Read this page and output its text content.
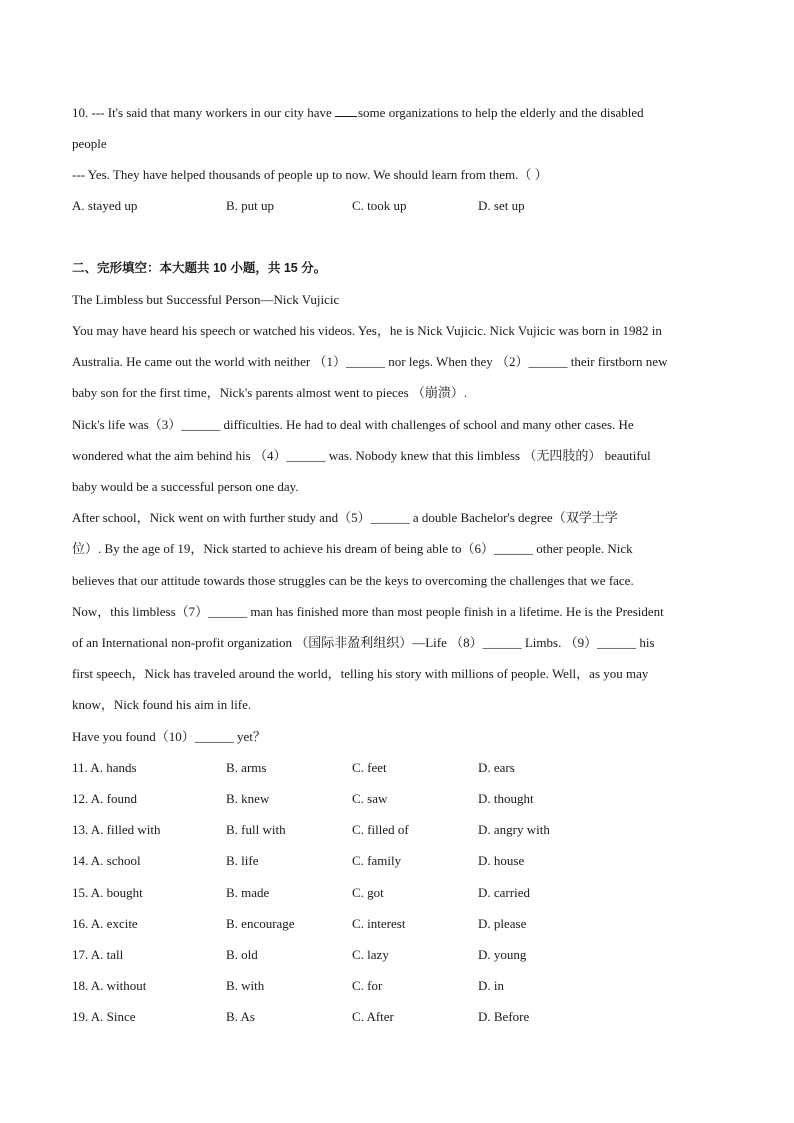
10. --- It's said that many workers in our city have some organizations to help the elderly and the disabled
people
--- Yes. They have helped thousands of people up to now. We should learn from them.（ ）
A. stayed up	B. put up	C. took up	D. set up
二、完形填空：本大题共 10 小题，共 15 分。
The Limbless but Successful Person—Nick Vujicic
You may have heard his speech or watched his videos. Yes，he is Nick Vujicic. Nick Vujicic was born in 1982 in
Australia. He came out the world with neither （1）______ nor legs. When they （2）______ their firstborn new
baby son for the first time，Nick's parents almost went to pieces （崩溃）.
Nick's life was（3）______ difficulties. He had to deal with challenges of school and many other cases. He
wondered what the aim behind his （4）______ was. Nobody knew that this limbless （无四肢的） beautiful
baby would be a successful person one day.
After school，Nick went on with further study and（5）______ a double Bachelor's degree（双学士学
位）. By the age of 19，Nick started to achieve his dream of being able to（6）______ other people. Nick
believes that our attitude towards those struggles can be the keys to overcoming the challenges that we face.
Now，this limbless（7）______ man has finished more than most people finish in a lifetime. He is the President
of an International non-profit organization （国际非盈利组织）—Life （8）______ Limbs. （9）______ his
first speech，Nick has traveled around the world，telling his story with millions of people. Well，as you may
know，Nick found his aim in life.
Have you found（10）______ yet？
11. A. hands	B. arms	C. feet	D. ears
12. A. found	B. knew	C. saw	D. thought
13. A. filled with	B. full with	C. filled of	D. angry with
14. A. school	B. life	C. family	D. house
15. A. bought	B. made	C. got	D. carried
16. A. excite	B. encourage	C. interest	D. please
17. A. tall	B. old	C. lazy	D. young
18. A. without	B. with	C. for	D. in
19. A. Since	B. As	C. After	D. Before
